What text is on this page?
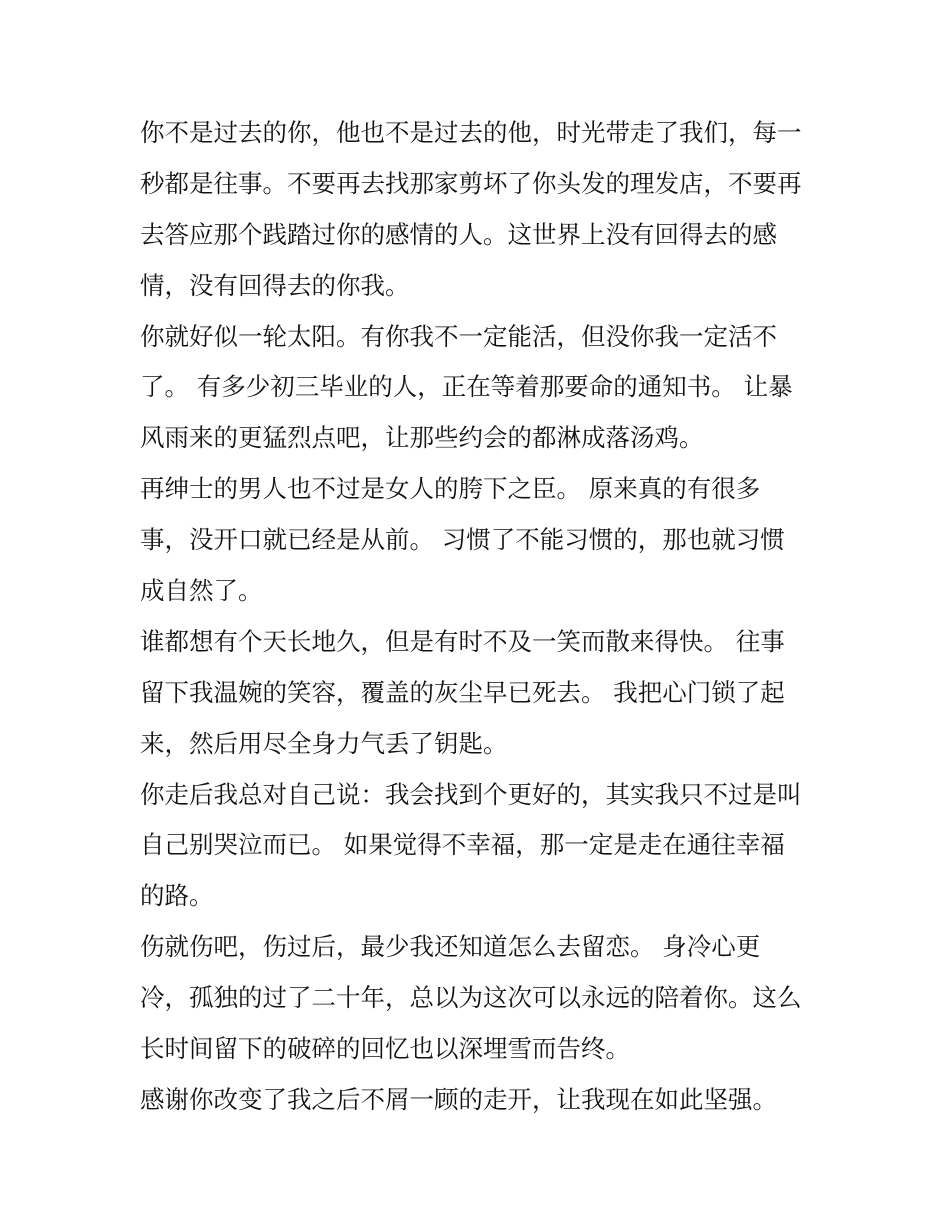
你不是过去的你，他也不是过去的他，时光带走了我们，每一
秒都是往事。不要再去找那家剪坏了你头发的理发店，不要再
去答应那个践踏过你的感情的人。这世界上没有回得去的感
情，没有回得去的你我。
你就好似一轮太阳。有你我不一定能活，但没你我一定活不
了。 有多少初三毕业的人，正在等着那要命的通知书。 让暴
风雨来的更猛烈点吧，让那些约会的都淋成落汤鸡。
再绅士的男人也不过是女人的胯下之臣。 原来真的有很多
事，没开口就已经是从前。 习惯了不能习惯的，那也就习惯
成自然了。
谁都想有个天长地久，但是有时不及一笑而散来得快。 往事
留下我温婉的笑容，覆盖的灰尘早已死去。 我把心门锁了起
来，然后用尽全身力气丢了钥匙。
你走后我总对自己说：我会找到个更好的，其实我只不过是叫
自己别哭泣而已。 如果觉得不幸福，那一定是走在通往幸福
的路。
伤就伤吧，伤过后，最少我还知道怎么去留恋。 身冷心更
冷，孤独的过了二十年，总以为这次可以永远的陪着你。这么
长时间留下的破碎的回忆也以深埋雪而告终。
感谢你改变了我之后不屑一顾的走开，让我现在如此坚强。
